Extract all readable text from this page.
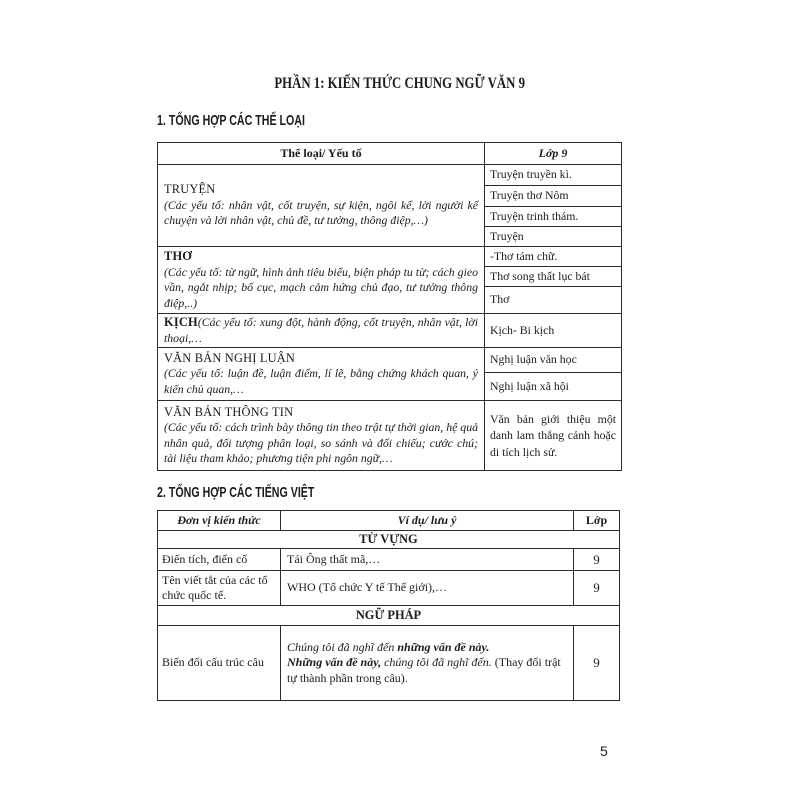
PHẦN 1: KIẾN THỨC CHUNG NGỮ VĂN 9
1. TỔNG HỢP CÁC THỂ LOẠI
Thể loại/ Yếu tố	Lớp 9

TRUYỆN
(Các yếu tố: nhân vật, cốt truyện, sự kiện, ngôi kể, lời người kể chuyện và lời nhân vật, chủ đề, tư tưởng, thông điệp,…)	Truyện truyền kì.
	Truyện thơ Nôm
	Truyện trinh thám.
	Truyện

THƠ
(Các yếu tố: từ ngữ, hình ảnh tiêu biểu, biện pháp tu từ; cách gieo vần, ngắt nhịp; bố cục, mạch cảm hứng chủ đạo, tư tưởng thông điệp,..)	-Thơ tám chữ.
	Thơ song thất lục bát
	Thơ
KỊCH(Các yếu tố: xung đột, hành động, cốt truyện, nhân vật, lời thoại,…	Kịch- Bi kịch

VĂN BẢN NGHỊ LUẬN
(Các yếu tố: luận đề, luận điểm, lí lẽ, bằng chứng khách quan, ý kiến chủ quan,…	Nghị luận văn học
	Nghị luận xã hội

VĂN BẢN THÔNG TIN
(Các yếu tố: cách trình bày thông tin theo trật tự thời gian, hệ quả nhân quả, đối tượng phân loại, so sánh và đối chiếu; cước chú; tài liệu tham khảo; phương tiện phi ngôn ngữ,…	Văn bản giới thiệu một danh lam thắng cảnh hoặc di tích lịch sử.
2. TỔNG HỢP CÁC TIẾNG VIỆT
Đơn vị kiến thức	Ví dụ/ lưu ý	Lớp
TỪ VỰNG		
Điển tích, điển cố	Tái Ông thất mã,…	9
Tên viết tắt của các tổ chức quốc tế.	WHO (Tổ chức Y tế Thế giới),…	9
NGỮ PHÁP		
Biến đổi cấu trúc câu	Chúng tôi đã nghĩ đến những vấn đề này.
Những vấn đề này, chúng tôi đã nghĩ đến. (Thay đổi trật tự thành phần trong câu).	9
5
